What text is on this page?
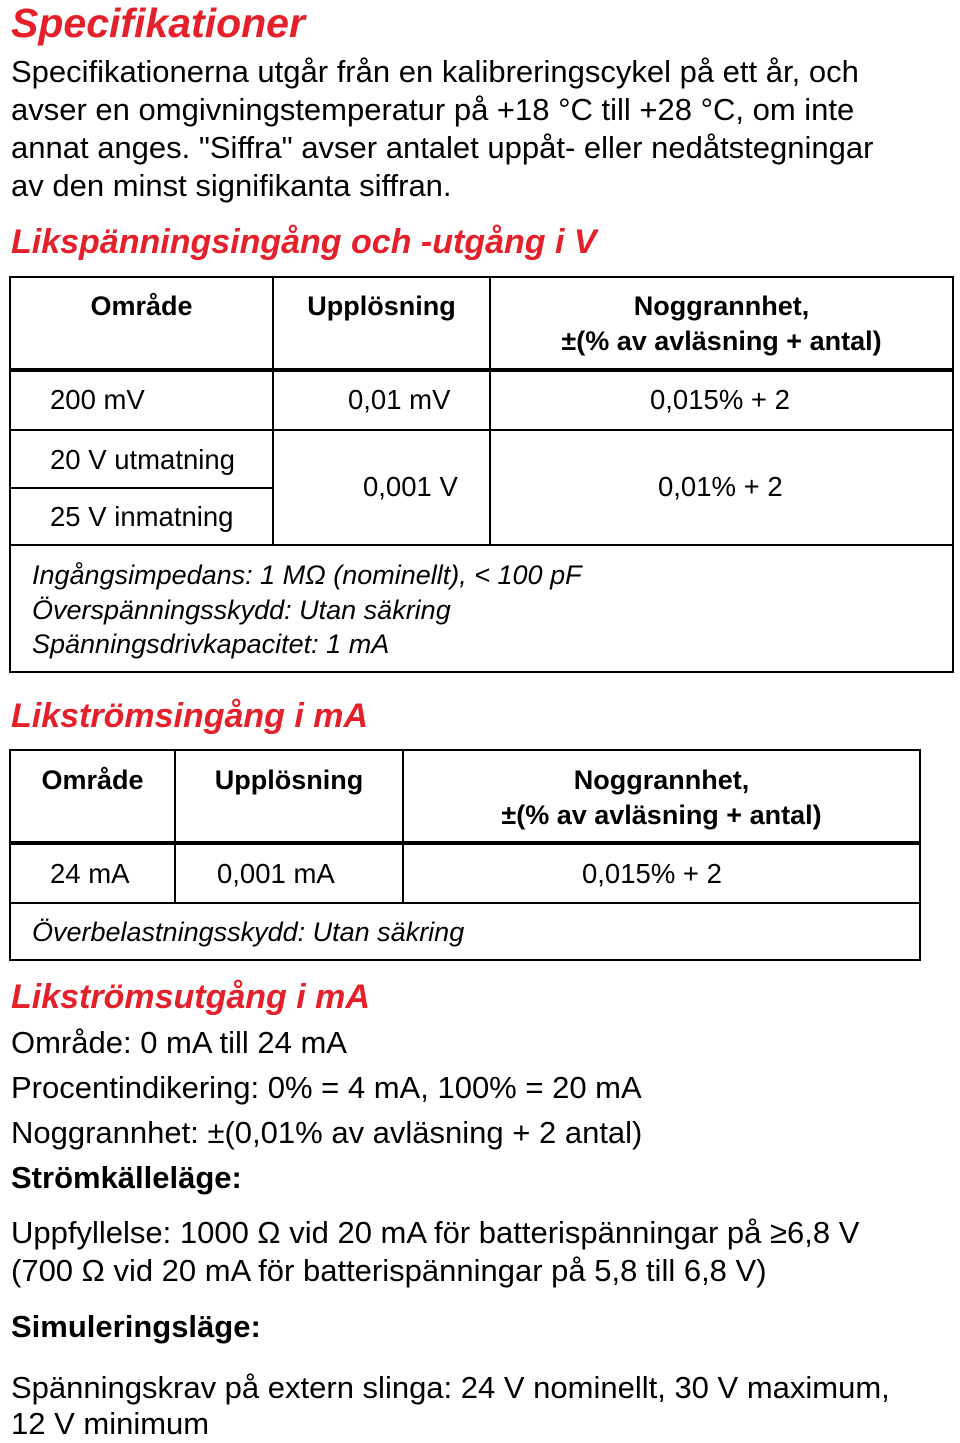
Specifikationer
Specifikationerna utgår från en kalibreringscykel på ett år, och
avser en omgivningstemperatur på +18 °C till +28 °C, om inte
annat anges. "Siffra" avser antalet uppåt- eller nedåtstegningar
av den minst signifikanta siffran.
Likspänningsingång och -utgång i V
Område	Upplösning	Noggrannhet,
±(% av avläsning + antal)
200 mV	0,01 mV	0,015% + 2
20 V utmatning
25 V inmatning
0,001 V	0,01% + 2
Ingångsimpedans: 1 MΩ (nominellt), < 100 pF
Överspänningsskydd: Utan säkring
Spänningsdrivkapacitet: 1 mA
Likströmsingång i mA
Område	Upplösning	Noggrannhet,
±(% av avläsning + antal)
24 mA	0,001 mA	0,015% + 2
Överbelastningsskydd: Utan säkring
Likströmsutgång i mA
Område: 0 mA till 24 mA
Procentindikering: 0% = 4 mA, 100% = 20 mA
Noggrannhet: ±(0,01% av avläsning + 2 antal)
Strömkälleläge:
Uppfyllelse: 1000 Ω vid 20 mA för batterispänningar på ≥6,8 V
(700 Ω vid 20 mA för batterispänningar på 5,8 till 6,8 V)
Simuleringsläge:
Spänningskrav på extern slinga: 24 V nominellt, 30 V maximum,
12 V minimum
